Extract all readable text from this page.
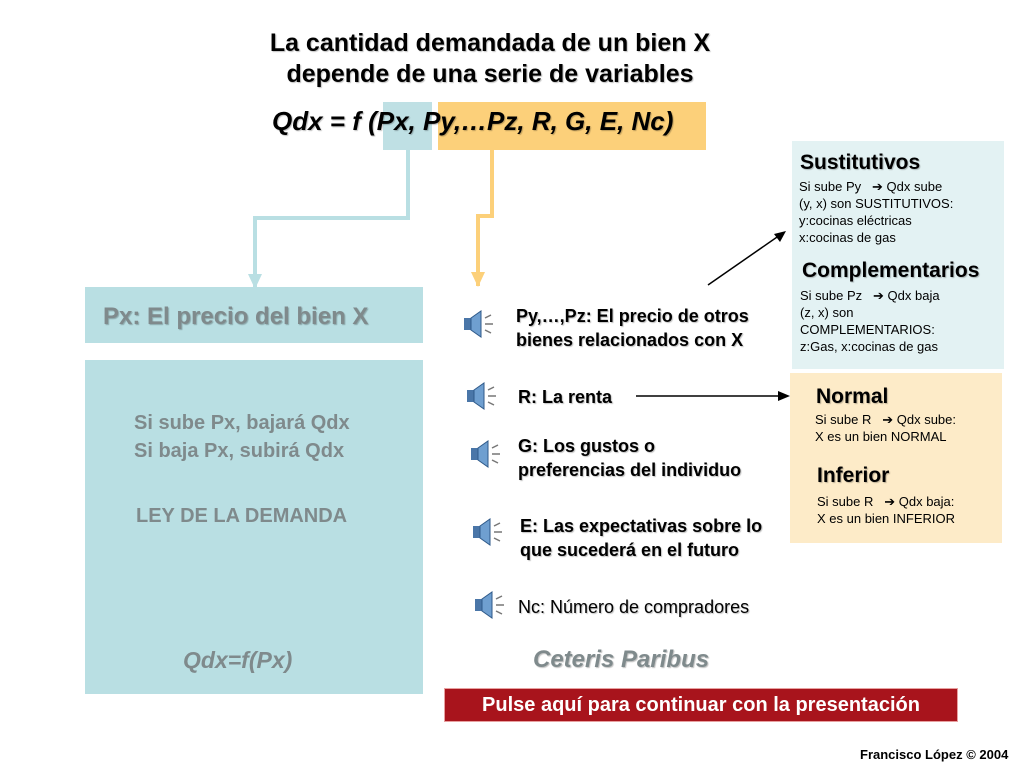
La cantidad demandada de un bien X
depende de una serie de variables
Qdx = f (Px, Py,…Pz, R, G, E, Nc)
Px: El precio del bien X
Si sube Px, bajará Qdx
Si baja Px, subirá Qdx
LEY DE LA DEMANDA
Qdx=f(Px)
Py,…,Pz: El precio de otros
bienes relacionados con X
R: La renta
G: Los gustos o
preferencias del individuo
E: Las expectativas sobre lo
que sucederá en el futuro
Nc: Número de compradores
Sustitutivos
Si sube Py ➔ Qdx sube
(y, x) son SUSTITUTIVOS:
y:cocinas eléctricas
x:cocinas de gas
Complementarios
Si sube Pz ➔ Qdx baja
(z, x) son
COMPLEMENTARIOS:
z:Gas, x:cocinas de gas
Normal
Si sube R ➔ Qdx sube:
X es un bien NORMAL
Inferior
Si sube R ➔ Qdx baja:
X es un bien INFERIOR
Ceteris Paribus
Pulse aquí para continuar con la presentación
Francisco López © 2004
